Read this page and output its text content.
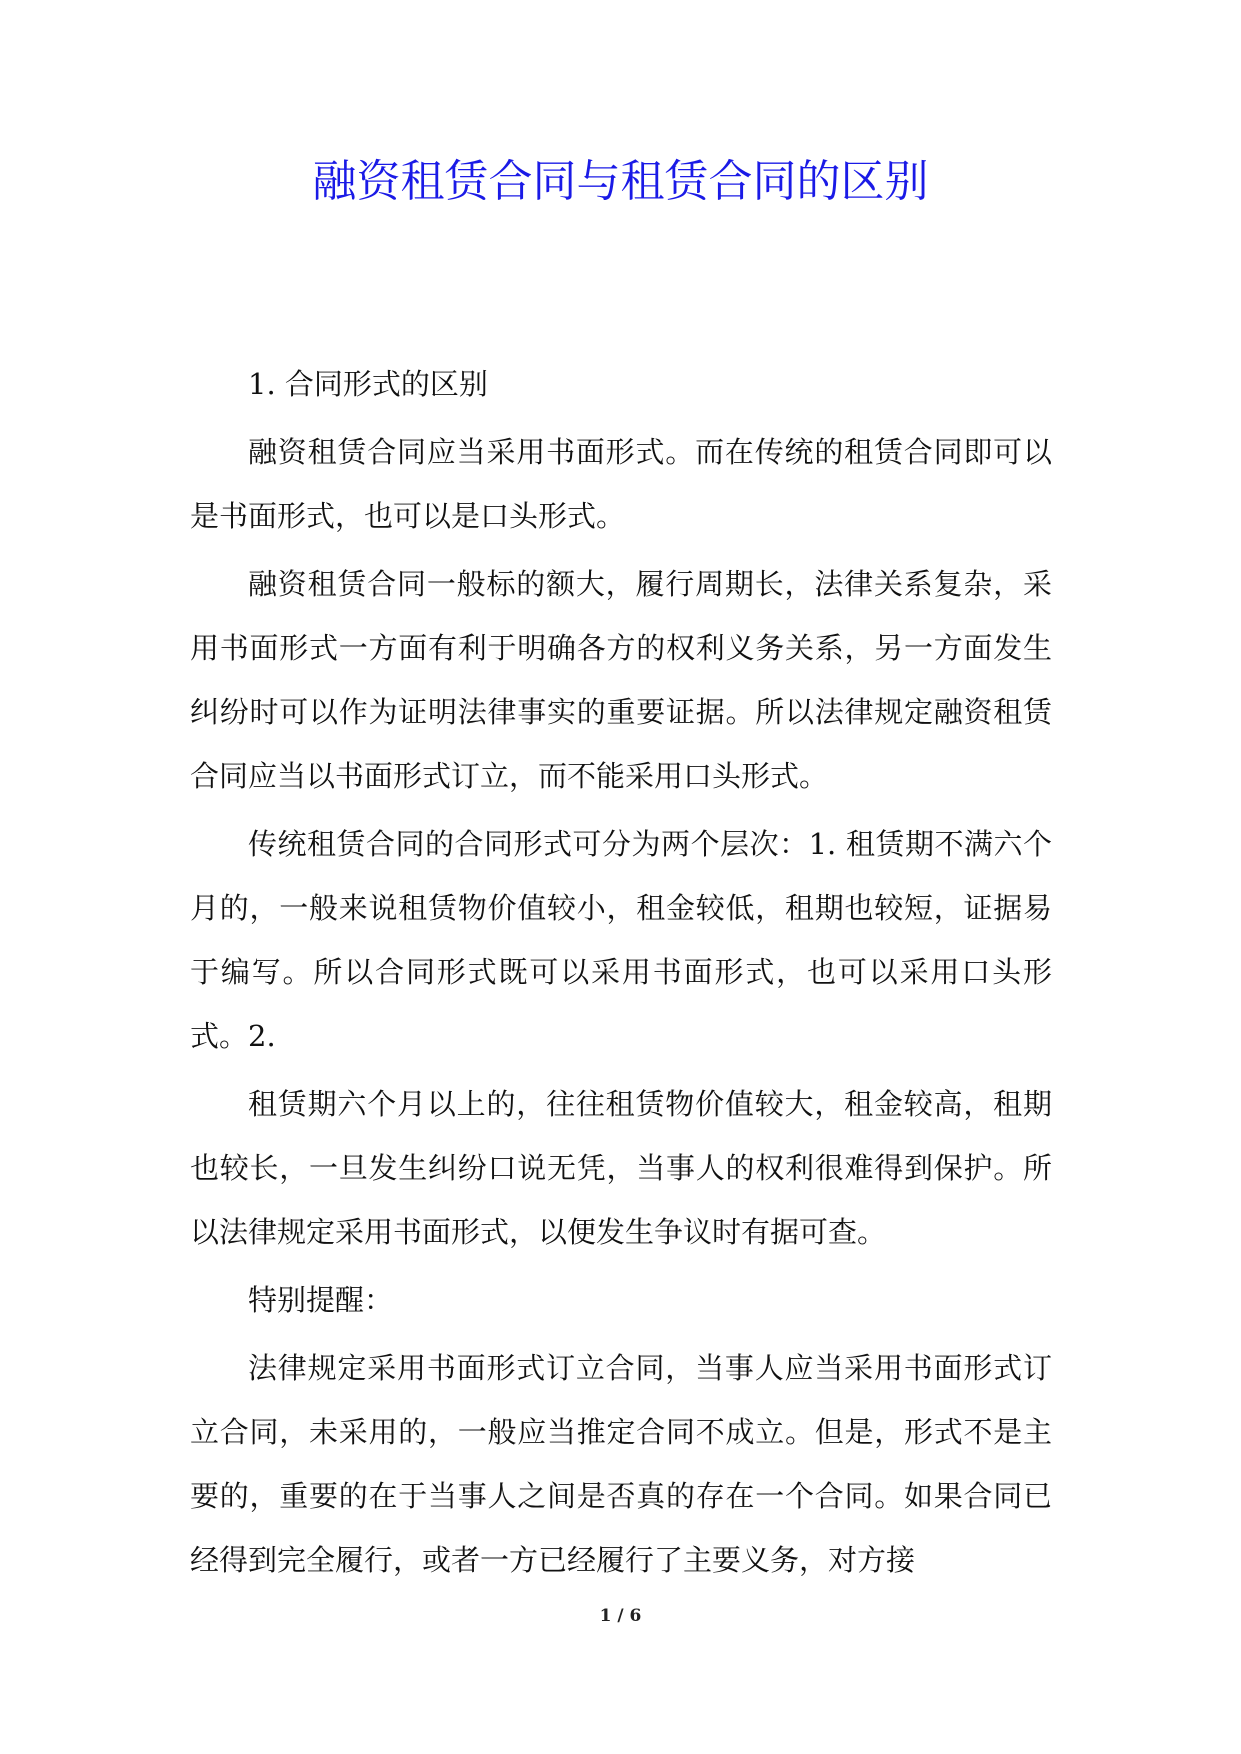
融资租赁合同与租赁合同的区别

1. 合同形式的区别

融资租赁合同应当采用书面形式。而在传统的租赁合同即可以是书面形式，也可以是口头形式。

融资租赁合同一般标的额大，履行周期长，法律关系复杂，采用书面形式一方面有利于明确各方的权利义务关系，另一方面发生纠纷时可以作为证明法律事实的重要证据。所以法律规定融资租赁合同应当以书面形式订立，而不能采用口头形式。

传统租赁合同的合同形式可分为两个层次：1. 租赁期不满六个月的，一般来说租赁物价值较小，租金较低，租期也较短，证据易于编写。所以合同形式既可以采用书面形式，也可以采用口头形式。2.

租赁期六个月以上的，往往租赁物价值较大，租金较高，租期也较长，一旦发生纠纷口说无凭，当事人的权利很难得到保护。所以法律规定采用书面形式，以便发生争议时有据可查。

特别提醒：

法律规定采用书面形式订立合同，当事人应当采用书面形式订立合同，未采用的，一般应当推定合同不成立。但是，形式不是主要的，重要的在于当事人之间是否真的存在一个合同。如果合同已经得到完全履行，或者一方已经履行了主要义务，对方接

1 / 6
